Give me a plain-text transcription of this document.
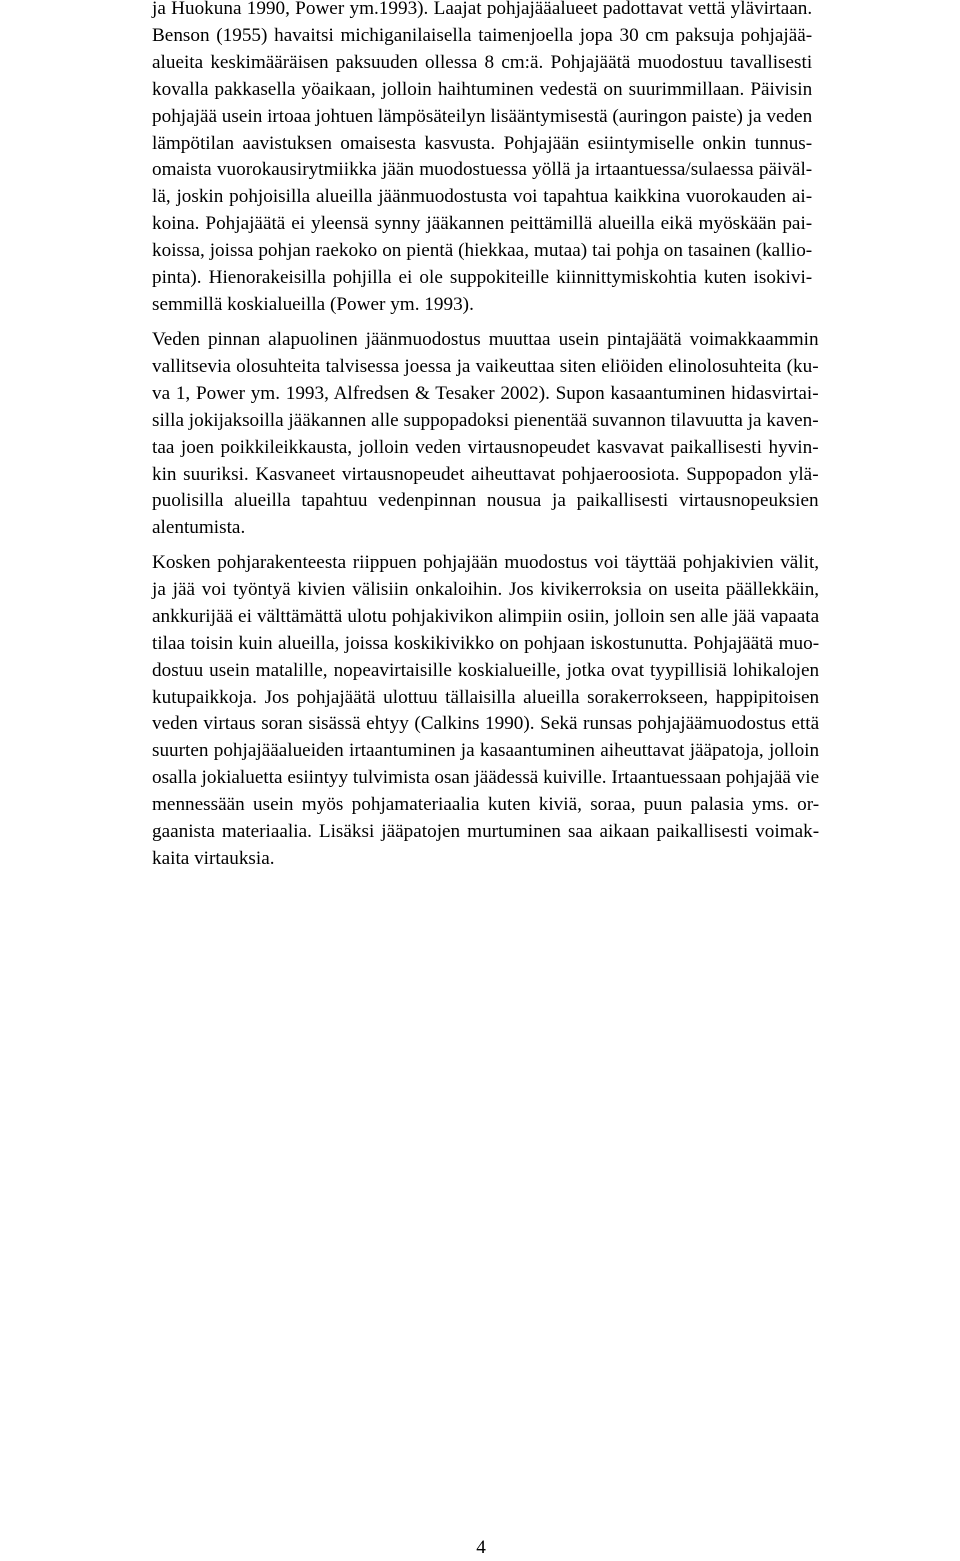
ja Huokuna 1990, Power ym.1993). Laajat pohjajääalueet padottavat vettä ylävirtaan.
Benson (1955) havaitsi michiganilaisella taimenjoella jopa 30 cm paksuja pohjajää-
alueita keskimääräisen paksuuden ollessa 8 cm:ä. Pohjajäätä muodostuu tavallisesti
kovalla pakkasella yöaikaan, jolloin haihtuminen vedestä on suurimmillaan. Päivisin
pohjajää usein irtoaa johtuen lämpösäteilyn lisääntymisestä (auringon paiste) ja veden
lämpötilan aavistuksen omaisesta kasvusta. Pohjajään esiintymiselle onkin tunnus-
omaista vuorokausirytmiikka jään muodostuessa yöllä ja irtaantuessa/sulaessa päiväl-
lä, joskin pohjoisilla alueilla jäänmuodostusta voi tapahtua kaikkina vuorokauden ai-
koina. Pohjajäätä ei yleensä synny jääkannen peittämillä alueilla eikä myöskään pai-
koissa, joissa pohjan raekoko on pientä (hiekkaa, mutaa) tai pohja on tasainen (kallio-
pinta). Hienorakeisilla pohjilla ei ole suppokiteille kiinnittymiskohtia kuten isokivi-
semmillä koskialueilla (Power ym. 1993).

Veden pinnan alapuolinen jäänmuodostus muuttaa usein pintajäätä voimakkaammin
vallitsevia olosuhteita talvisessa joessa ja vaikeuttaa siten eliöiden elinolosuhteita (ku-
va 1, Power ym. 1993, Alfredsen & Tesaker 2002). Supon kasaantuminen hidasvirtai-
silla jokijaksoilla jääkannen alle suppopadoksi pienentää suvannon tilavuutta ja kaven-
taa joen poikkileikkausta, jolloin veden virtausnopeudet kasvavat paikallisesti hyvin-
kin suuriksi. Kasvaneet virtausnopeudet aiheuttavat pohjaeroosiota. Suppopadon ylä-
puolisilla alueilla tapahtuu vedenpinnan nousua ja paikallisesti virtausnopeuksien
alentumista.

Kosken pohjarakenteesta riippuen pohjajään muodostus voi täyttää pohjakivien välit,
ja jää voi työntyä kivien välisiin onkaloihin. Jos kivikerroksia on useita päällekkäin,
ankkurijää ei välttämättä ulotu pohjakivikon alimpiin osiin, jolloin sen alle jää vapaata
tilaa toisin kuin alueilla, joissa koskikivikko on pohjaan iskostunutta. Pohjajäätä muo-
dostuu usein matalille, nopeavirtaisille koskialueille, jotka ovat tyypillisiä lohikalojen
kutupaikkoja. Jos pohjajäätä ulottuu tällaisilla alueilla sorakerrokseen, happipitoisen
veden virtaus soran sisässä ehtyy (Calkins 1990). Sekä runsas pohjajäämuodostus että
suurten pohjajääalueiden irtaantuminen ja kasaantuminen aiheuttavat jääpatoja, jolloin
osalla jokialuetta esiintyy tulvimista osan jäädessä kuiville. Irtaantuessaan pohjajää vie
mennessään usein myös pohjamateriaalia kuten kiviä, soraa, puun palasia yms. or-
gaanista materiaalia. Lisäksi jääpatojen murtuminen saa aikaan paikallisesti voimak-
kaita virtauksia.

4
